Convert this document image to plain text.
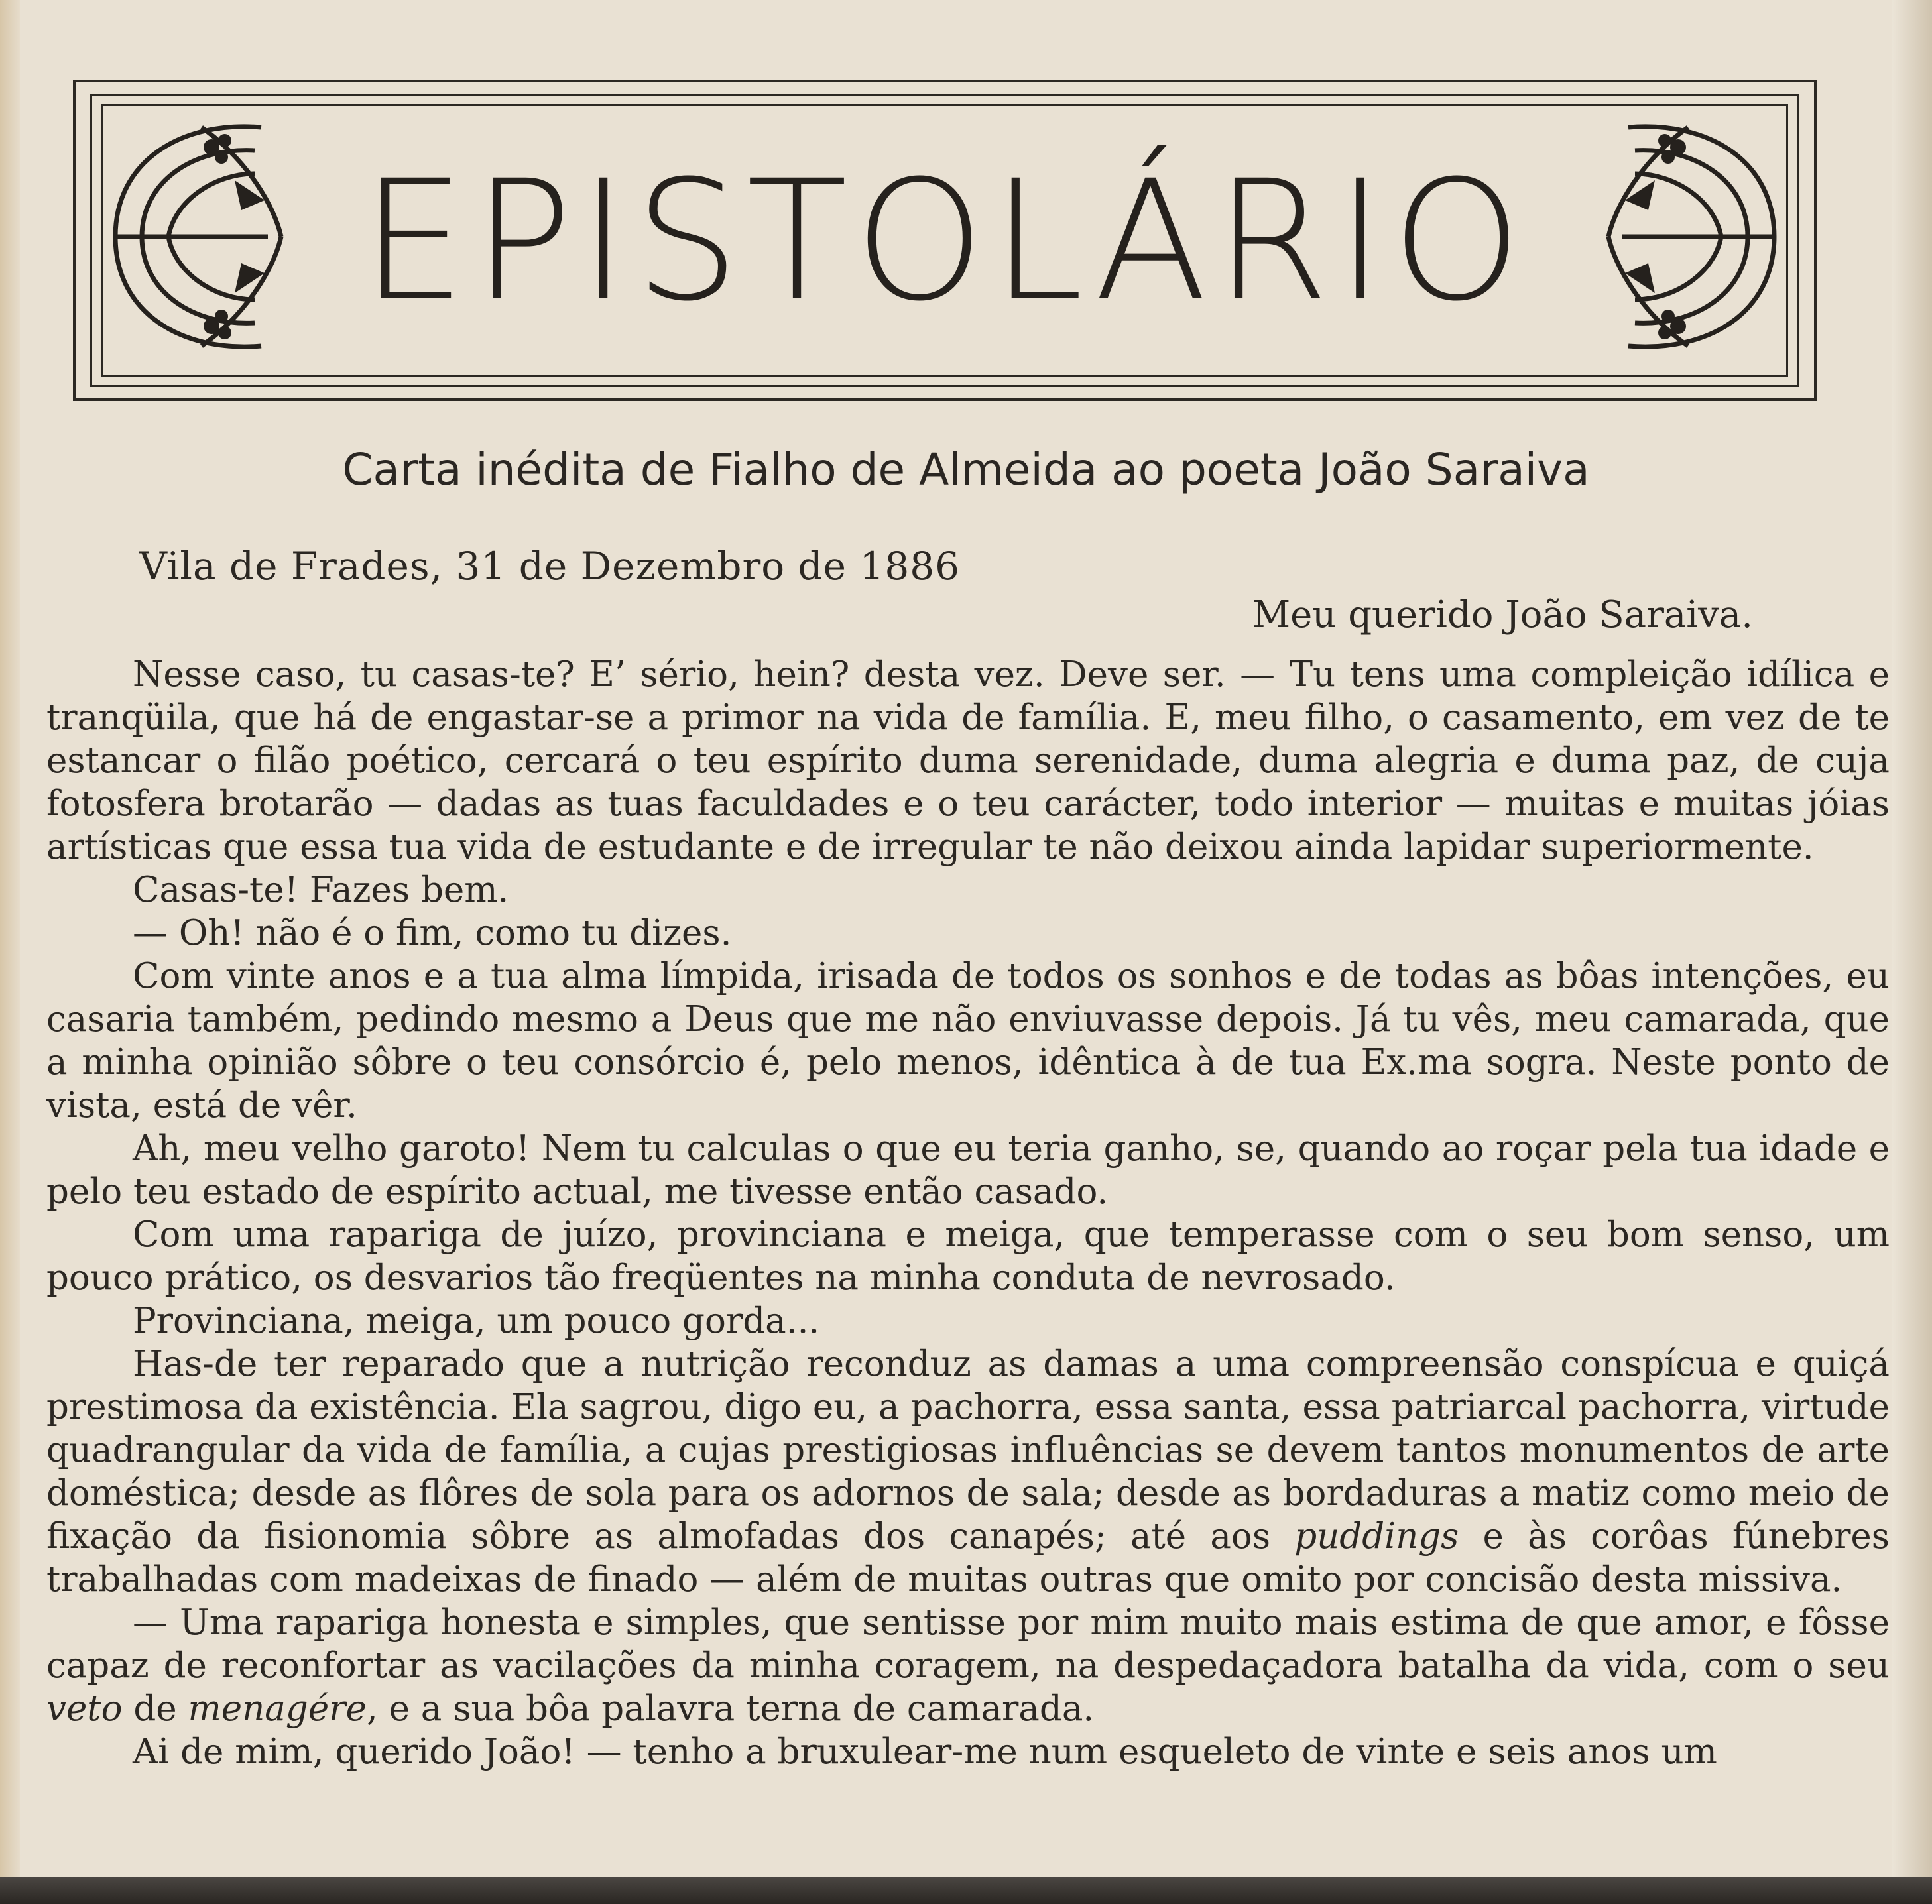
EPISTOLÁRIO
Carta inédita de Fialho de Almeida ao poeta João Saraiva
Vila de Frades, 31 de Dezembro de 1886
Meu querido João Saraiva.

Nesse caso, tu casas-te? E’ sério, hein? desta vez. Deve ser. — Tu tens uma compleição idílica e tranqüila, que há de engastar-se a primor na vida de família. E, meu filho, o casamento, em vez de te estancar o filão poético, cercará o teu espírito duma serenidade, duma alegria e duma paz, de cuja fotosfera brotarão — dadas as tuas faculdades e o teu carácter, todo interior — muitas e muitas jóias artísticas que essa tua vida de estudante e de irregular te não deixou ainda lapidar superiormente.

Casas-te! Fazes bem.

— Oh! não é o fim, como tu dizes.

Com vinte anos e a tua alma límpida, irisada de todos os sonhos e de todas as bôas intenções, eu casaria também, pedindo mesmo a Deus que me não enviuvasse depois. Já tu vês, meu camarada, que a minha opinião sôbre o teu consórcio é, pelo menos, idêntica à de tua Ex.ma sogra. Neste ponto de vista, está de vêr.

Ah, meu velho garoto! Nem tu calculas o que eu teria ganho, se, quando ao roçar pela tua idade e pelo teu estado de espírito actual, me tivesse então casado.

Com uma rapariga de juízo, provinciana e meiga, que temperasse com o seu bom senso, um pouco prático, os desvarios tão freqüentes na minha conduta de nevrosado.

Provinciana, meiga, um pouco gorda...

Has-de ter reparado que a nutrição reconduz as damas a uma compreensão conspícua e quiçá prestimosa da existência. Ela sagrou, digo eu, a pachorra, essa santa, essa patriarcal pachorra, virtude quadrangular da vida de família, a cujas prestigiosas influências se devem tantos monumentos de arte doméstica; desde as flôres de sola para os adornos de sala; desde as bordaduras a matiz como meio de fixação da fisionomia sôbre as almofadas dos canapés; até aos puddings e às corôas fúnebres trabalhadas com madeixas de finado — além de muitas outras que omito por concisão desta missiva.

— Uma rapariga honesta e simples, que sentisse por mim muito mais estima de que amor, e fôsse capaz de reconfortar as vacilações da minha coragem, na despedaçadora batalha da vida, com o seu veto de menagére, e a sua bôa palavra terna de camarada.

Ai de mim, querido João! — tenho a bruxulear-me num esqueleto de vinte e seis anos um
